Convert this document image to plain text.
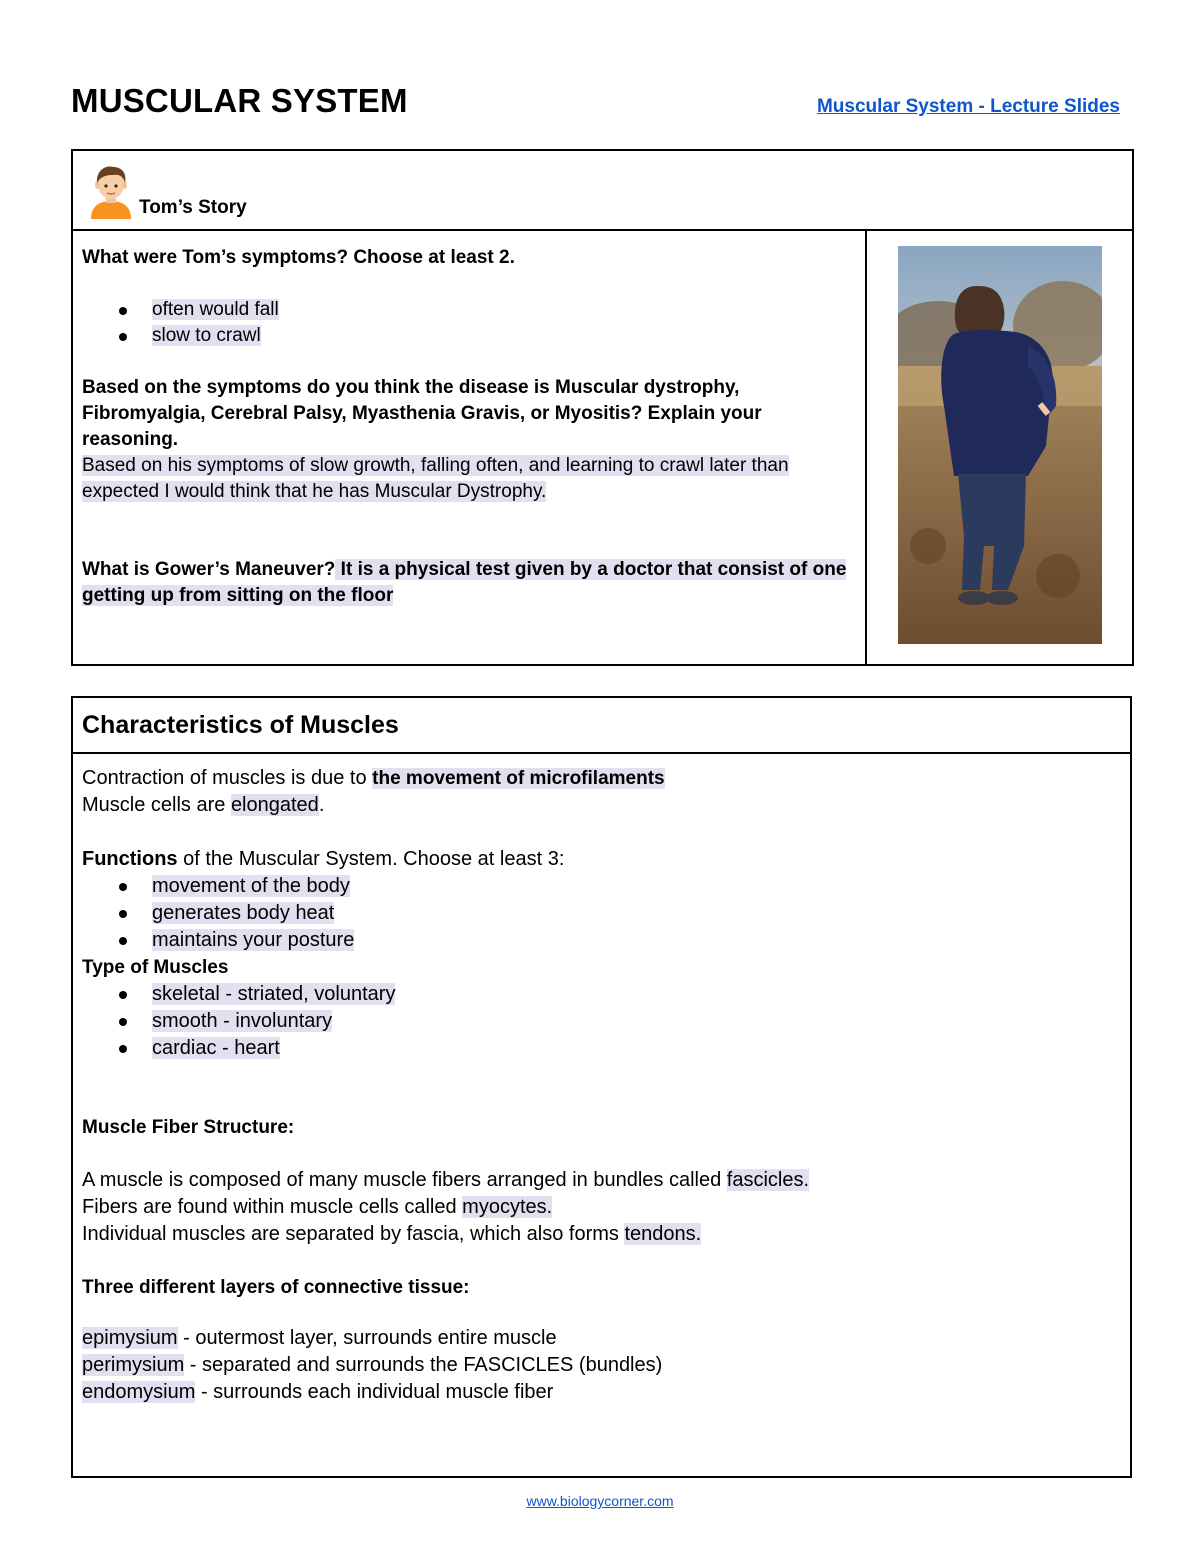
MUSCULAR SYSTEM	Muscular System - Lecture Slides
Tom’s Story

What were Tom’s symptoms? Choose at least 2.

often would fall
slow to crawl

Based on the symptoms do you think the disease is Muscular dystrophy, Fibromyalgia, Cerebral Palsy, Myasthenia Gravis, or Myositis? Explain your reasoning.

Based on his symptoms of slow growth, falling often, and learning to crawl later than expected I would think that he has Muscular Dystrophy.

What is Gower’s Maneuver? It is a physical test given by a doctor that consist of one getting up from sitting on the floor

Characteristics of Muscles

Contraction of muscles is due to the movement of microfilaments

Muscle cells are elongated.

Functions of the Muscular System. Choose at least 3:

movement of the body
generates body heat
maintains your posture

Type of Muscles

skeletal - striated, voluntary
smooth - involuntary
cardiac - heart

Muscle Fiber Structure:

A muscle is composed of many muscle fibers arranged in bundles called fascicles.

Fibers are found within muscle cells called myocytes.

Individual muscles are separated by fascia, which also forms tendons.

Three different layers of connective tissue:

epimysium - outermost layer, surrounds entire muscle

perimysium - separated and surrounds the FASCICLES (bundles)

endomysium - surrounds each individual muscle fiber

www.biologycorner.com
